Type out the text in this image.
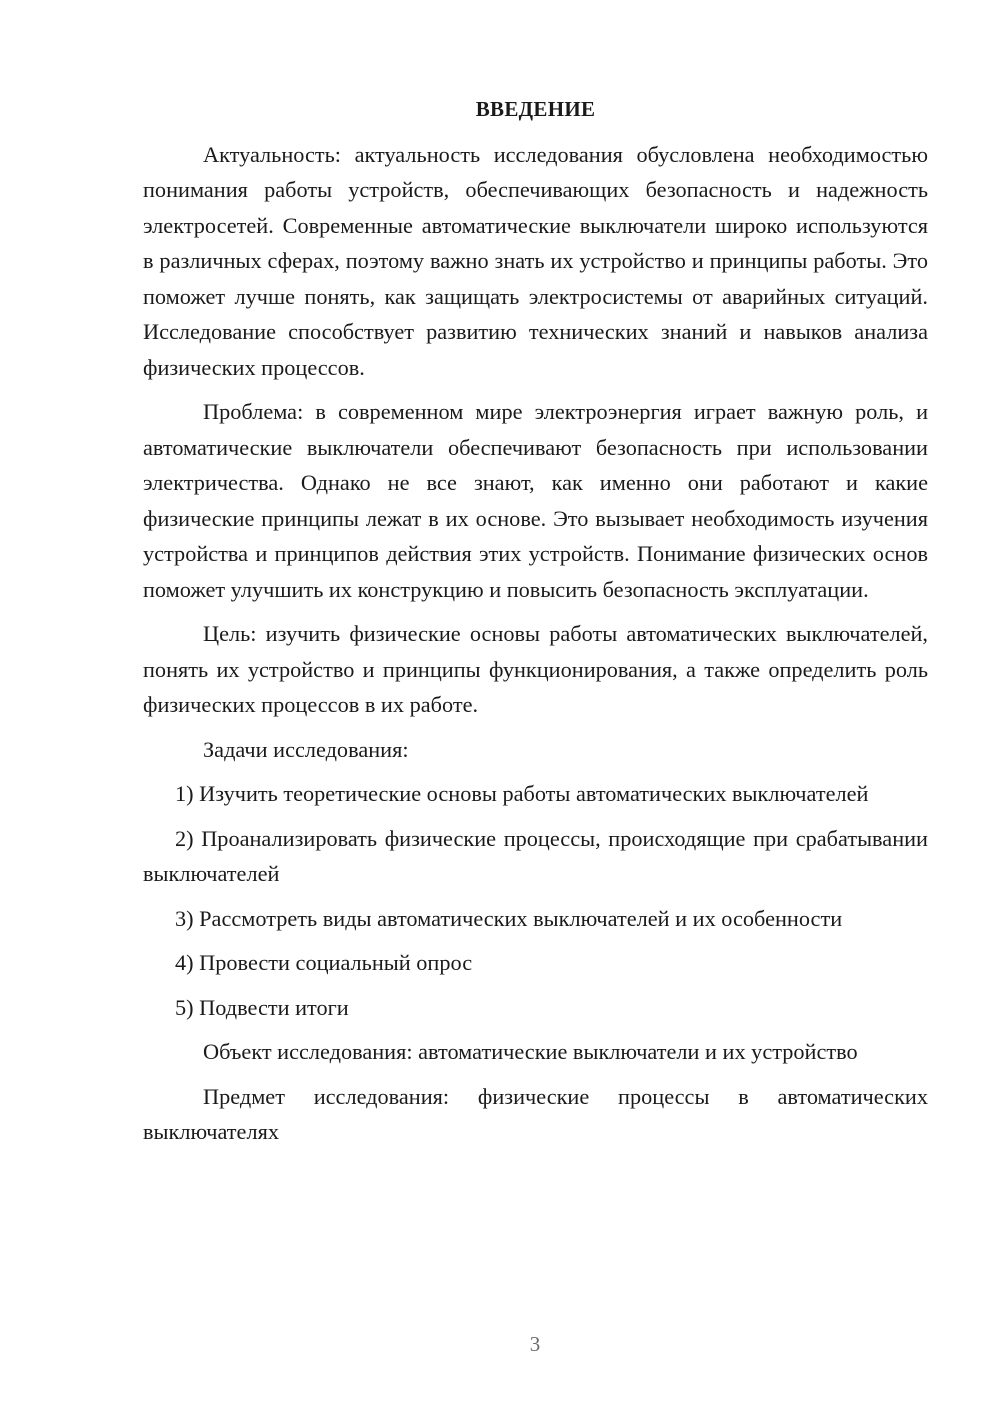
ВВЕДЕНИЕ

Актуальность: актуальность исследования обусловлена необходимостью понимания работы устройств, обеспечивающих безопасность и надежность электросетей. Современные автоматические выключатели широко используются в различных сферах, поэтому важно знать их устройство и принципы работы. Это поможет лучше понять, как защищать электросистемы от аварийных ситуаций. Исследование способствует развитию технических знаний и навыков анализа физических процессов.

Проблема: в современном мире электроэнергия играет важную роль, и автоматические выключатели обеспечивают безопасность при использовании электричества. Однако не все знают, как именно они работают и какие физические принципы лежат в их основе. Это вызывает необходимость изучения устройства и принципов действия этих устройств. Понимание физических основ поможет улучшить их конструкцию и повысить безопасность эксплуатации.

Цель: изучить физические основы работы автоматических выключателей, понять их устройство и принципы функционирования, а также определить роль физических процессов в их работе.

Задачи исследования:

1) Изучить теоретические основы работы автоматических выключателей

2) Проанализировать физические процессы, происходящие при срабатывании выключателей

3) Рассмотреть виды автоматических выключателей и их особенности

4) Провести социальный опрос

5) Подвести итоги

Объект исследования: автоматические выключатели и их устройство

Предмет исследования: физические процессы в автоматических выключателях

3
